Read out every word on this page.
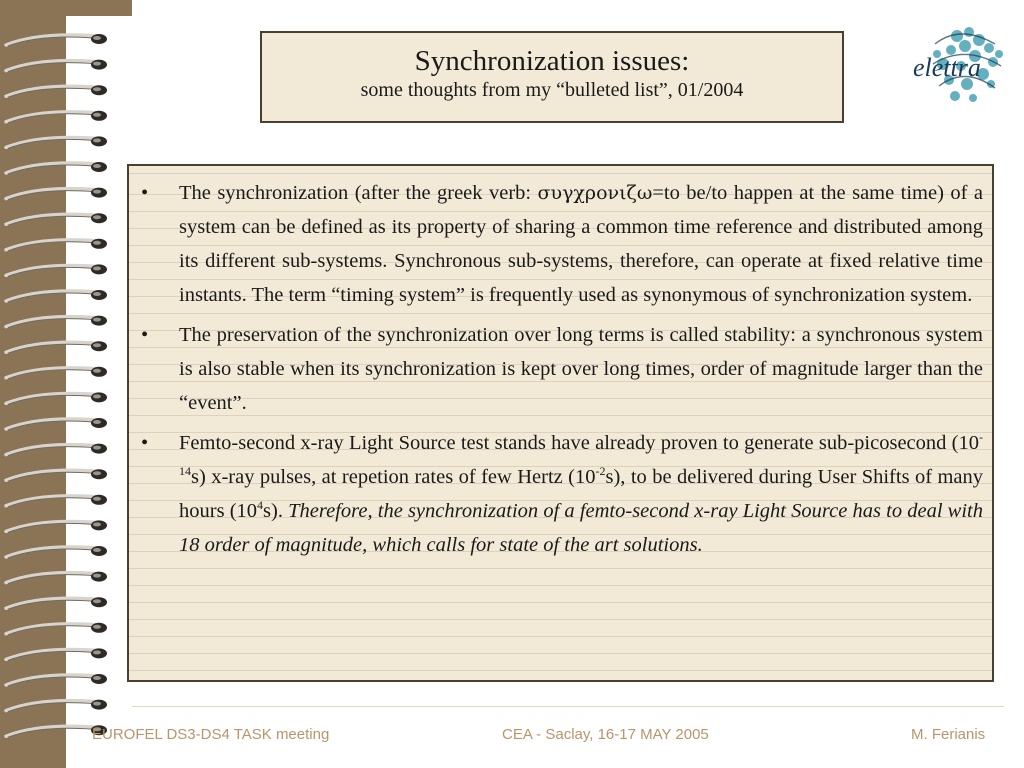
Synchronization issues:
some thoughts from my “bulleted list”, 01/2004
elettra
• The synchronization (after the greek verb: συγχρονιζω=to be/to happen at the same time) of a system can be defined as its property of sharing a common time reference and distributed among its different sub-systems. Synchronous sub-systems, therefore, can operate at fixed relative time instants. The term “timing system” is frequently used as synonymous of synchronization system.
• The preservation of the synchronization over long terms is called stability: a synchronous system is also stable when its synchronization is kept over long times, order of magnitude larger than the “event”.
• Femto-second x-ray Light Source test stands have already proven to generate sub-picosecond $(10^{-14}s)$ x-ray pulses, at repetion rates of few Hertz $(10^{-2}s)$, to be delivered during User Shifts of many hours $(10^4s)$. Therefore, the synchronization of a femto-second x-ray Light Source has to deal with 18 order of magnitude, which calls for state of the art solutions.
EUROFEL DS3-DS4 TASK meeting	CEA - Saclay, 16-17 MAY 2005	M. Ferianis
